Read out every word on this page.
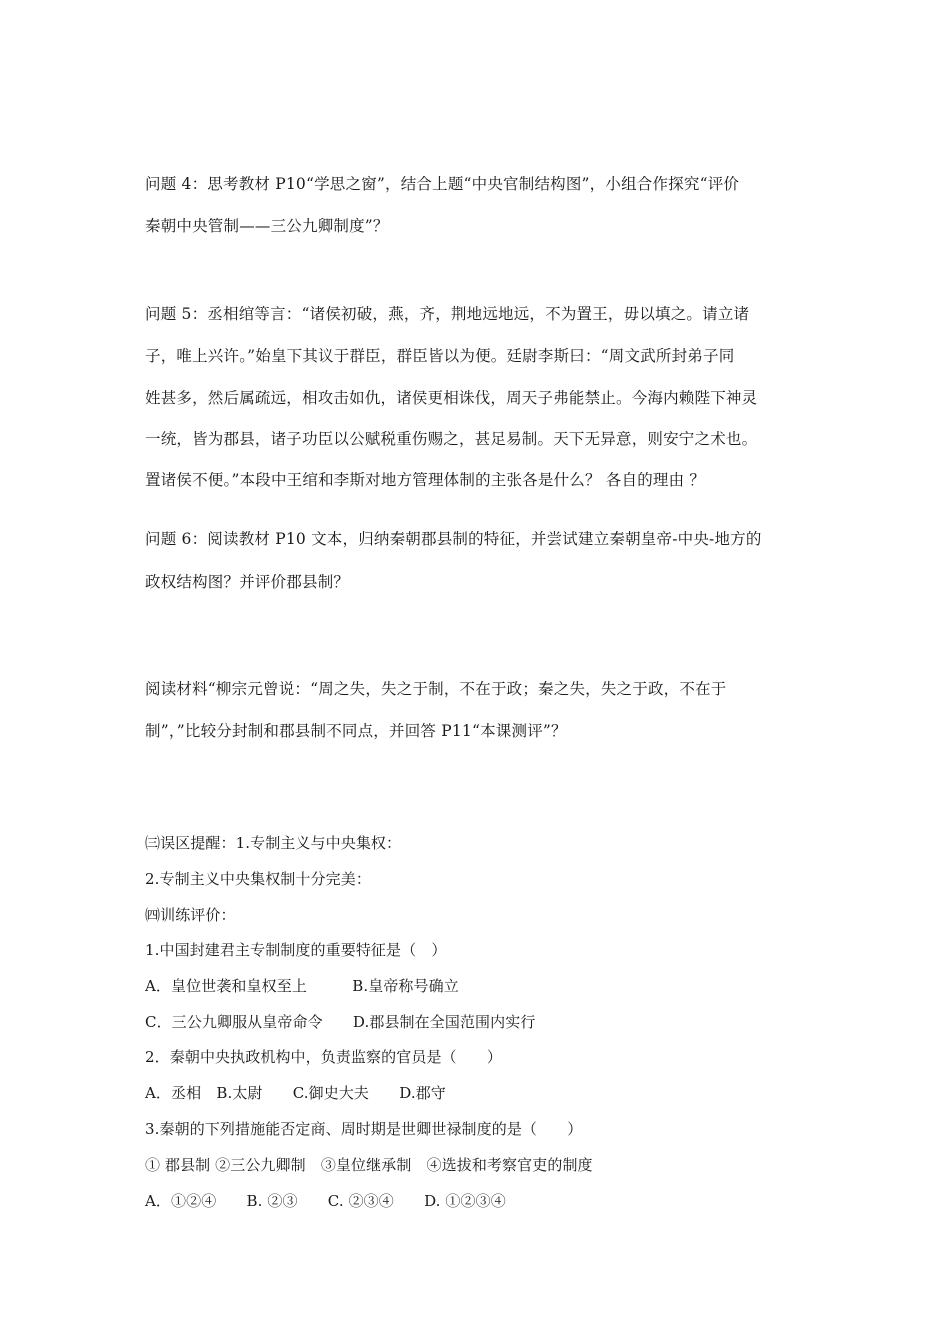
问题 4：思考教材 P10“学思之窗”，结合上题“中央官制结构图”，小组合作探究“评价
秦朝中央管制——三公九卿制度”？
问题 5：丞相绾等言：“诸侯初破，燕，齐，荆地远地远，不为置王，毋以填之。请立诸
子，唯上兴许。”始皇下其议于群臣，群臣皆以为便。廷尉李斯曰：“周文武所封弟子同
姓甚多，然后属疏远，相攻击如仇，诸侯更相诛伐，周天子弗能禁止。今海内赖陛下神灵
一统，皆为郡县，诸子功臣以公赋税重伤赐之，甚足易制。天下无异意，则安宁之术也。
置诸侯不便。”本段中王绾和李斯对地方管理体制的主张各是什么？ 各自的理由 ？
问题 6：阅读教材 P10 文本，归纳秦朝郡县制的特征，并尝试建立秦朝皇帝-中央-地方的
政权结构图？并评价郡县制？
阅读材料“柳宗元曾说：“周之失，失之于制，不在于政；秦之失，失之于政，不在于
制”，”比较分封制和郡县制不同点，并回答 P11“本课测评”？
㈢误区提醒：1.专制主义与中央集权：
2.专制主义中央集权制十分完美：
㈣训练评价：
1.中国封建君主专制制度的重要特征是（　）
A．皇位世袭和皇权至上　　　B.皇帝称号确立
C．三公九卿服从皇帝命令　　D.郡县制在全国范围内实行
2．秦朝中央执政机构中，负责监察的官员是（　　）
A．丞相　B.太尉　　C.御史大夫　　D.郡守
3.秦朝的下列措施能否定商、周时期是世卿世禄制度的是（　　）
① 郡县制 ②三公九卿制　③皇位继承制　④选拔和考察官吏的制度
A．①②④　　B. ②③　　C. ②③④　　D. ①②③④
